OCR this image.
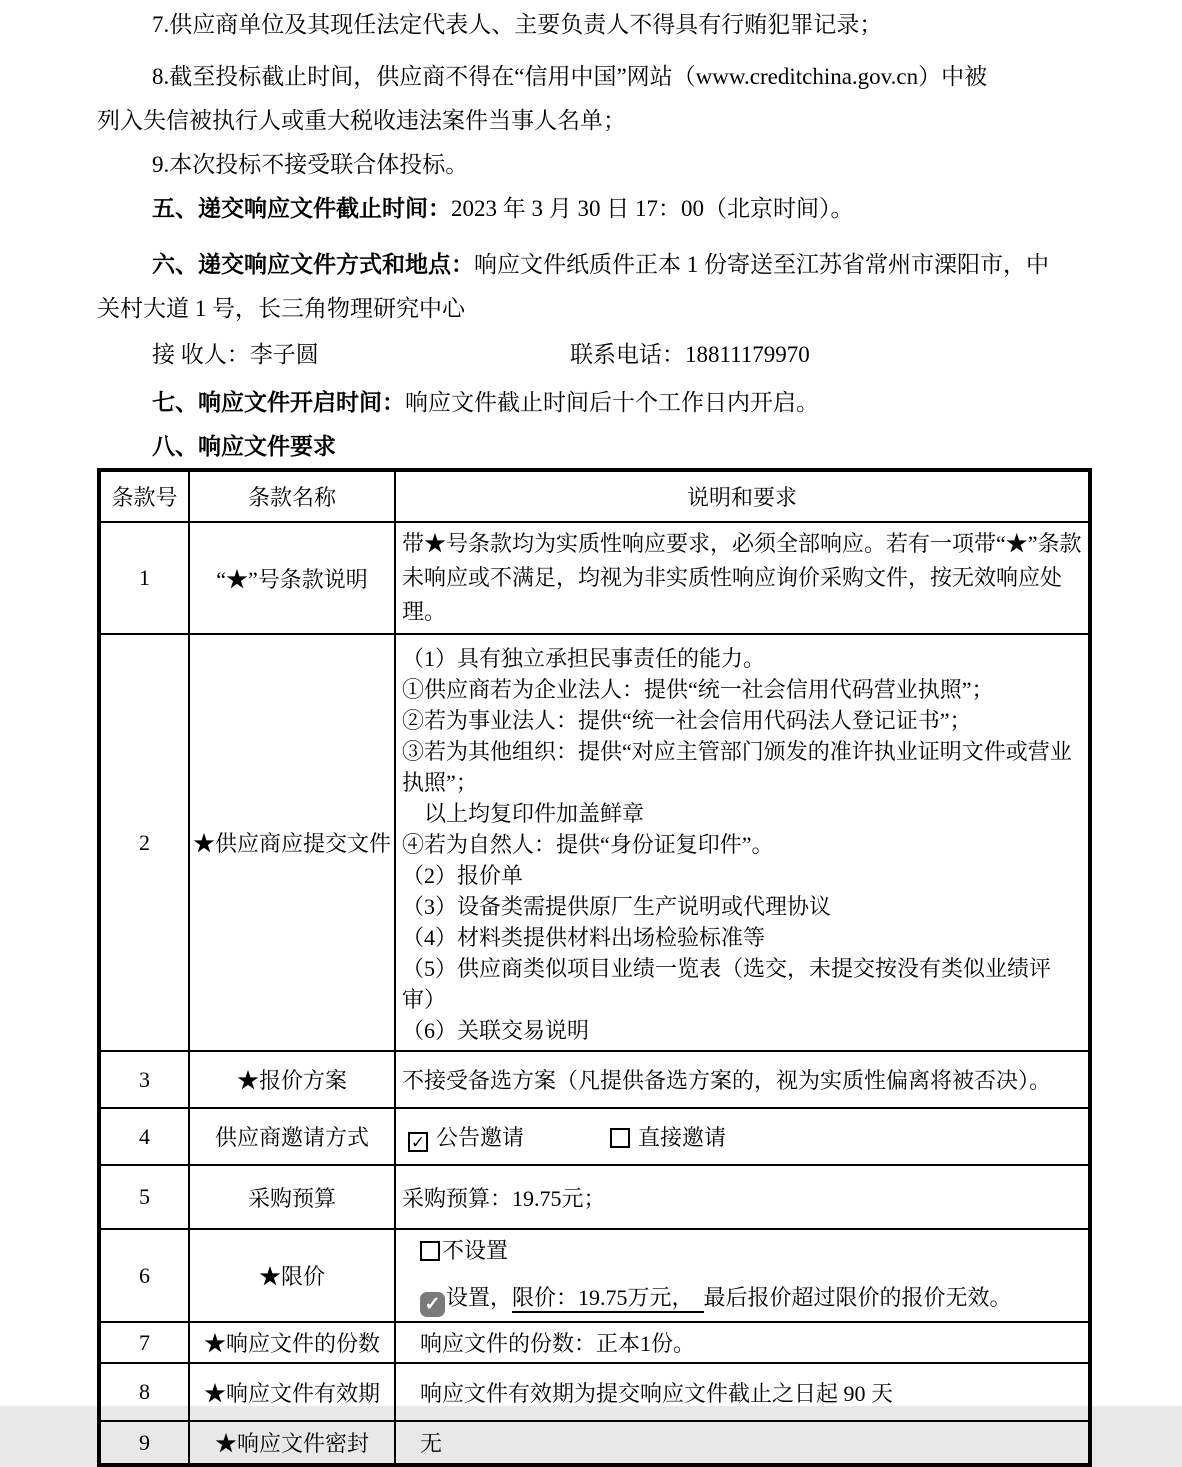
7.供应商单位及其现任法定代表人、主要负责人不得具有行贿犯罪记录；
8.截至投标截止时间，供应商不得在“信用中国”网站（www.creditchina.gov.cn）中被
列入失信被执行人或重大税收违法案件当事人名单；
9.本次投标不接受联合体投标。
五、递交响应文件截止时间：2023 年 3 月 30 日 17：00（北京时间）。
六、递交响应文件方式和地点：响应文件纸质件正本 1 份寄送至江苏省常州市溧阳市，中
关村大道 1 号，长三角物理研究中心
接 收人：李子圆	联系电话：18811179970
七、响应文件开启时间：响应文件截止时间后十个工作日内开启。
八、响应文件要求
条款号	条款名称	说明和要求
1	“★”号条款说明	带★号条款均为实质性响应要求，必须全部响应。若有一项带“★”条款未响应或不满足，均视为非实质性响应询价采购文件，按无效响应处理。
2	★供应商应提交文件	
（1）具有独立承担民事责任的能力。
①供应商若为企业法人：提供“统一社会信用代码营业执照”；
②若为事业法人：提供“统一社会信用代码法人登记证书”；
③若为其他组织：提供“对应主管部门颁发的准许执业证明文件或营业执照”；
　以上均复印件加盖鲜章
④若为自然人：提供“身份证复印件”。
（2）报价单
（3）设备类需提供原厂生产说明或代理协议
（4）材料类提供材料出场检验标准等
（5）供应商类似项目业绩一览表（选交，未提交按没有类似业绩评审）
（6）关联交易说明

3	★报价方案	不接受备选方案（凡提供备选方案的，视为实质性偏离将被否决）。
4	供应商邀请方式	✓ 公告邀请 直接邀请
5	采购预算	采购预算：19.75元；
6	★限价	不设置
✓ 设置，限价：19.75万元， 最后报价超过限价的报价无效。

7	★响应文件的份数	响应文件的份数：正本1份。
8	★响应文件有效期	响应文件有效期为提交响应文件截止之日起 90 天
9	★响应文件密封	无
